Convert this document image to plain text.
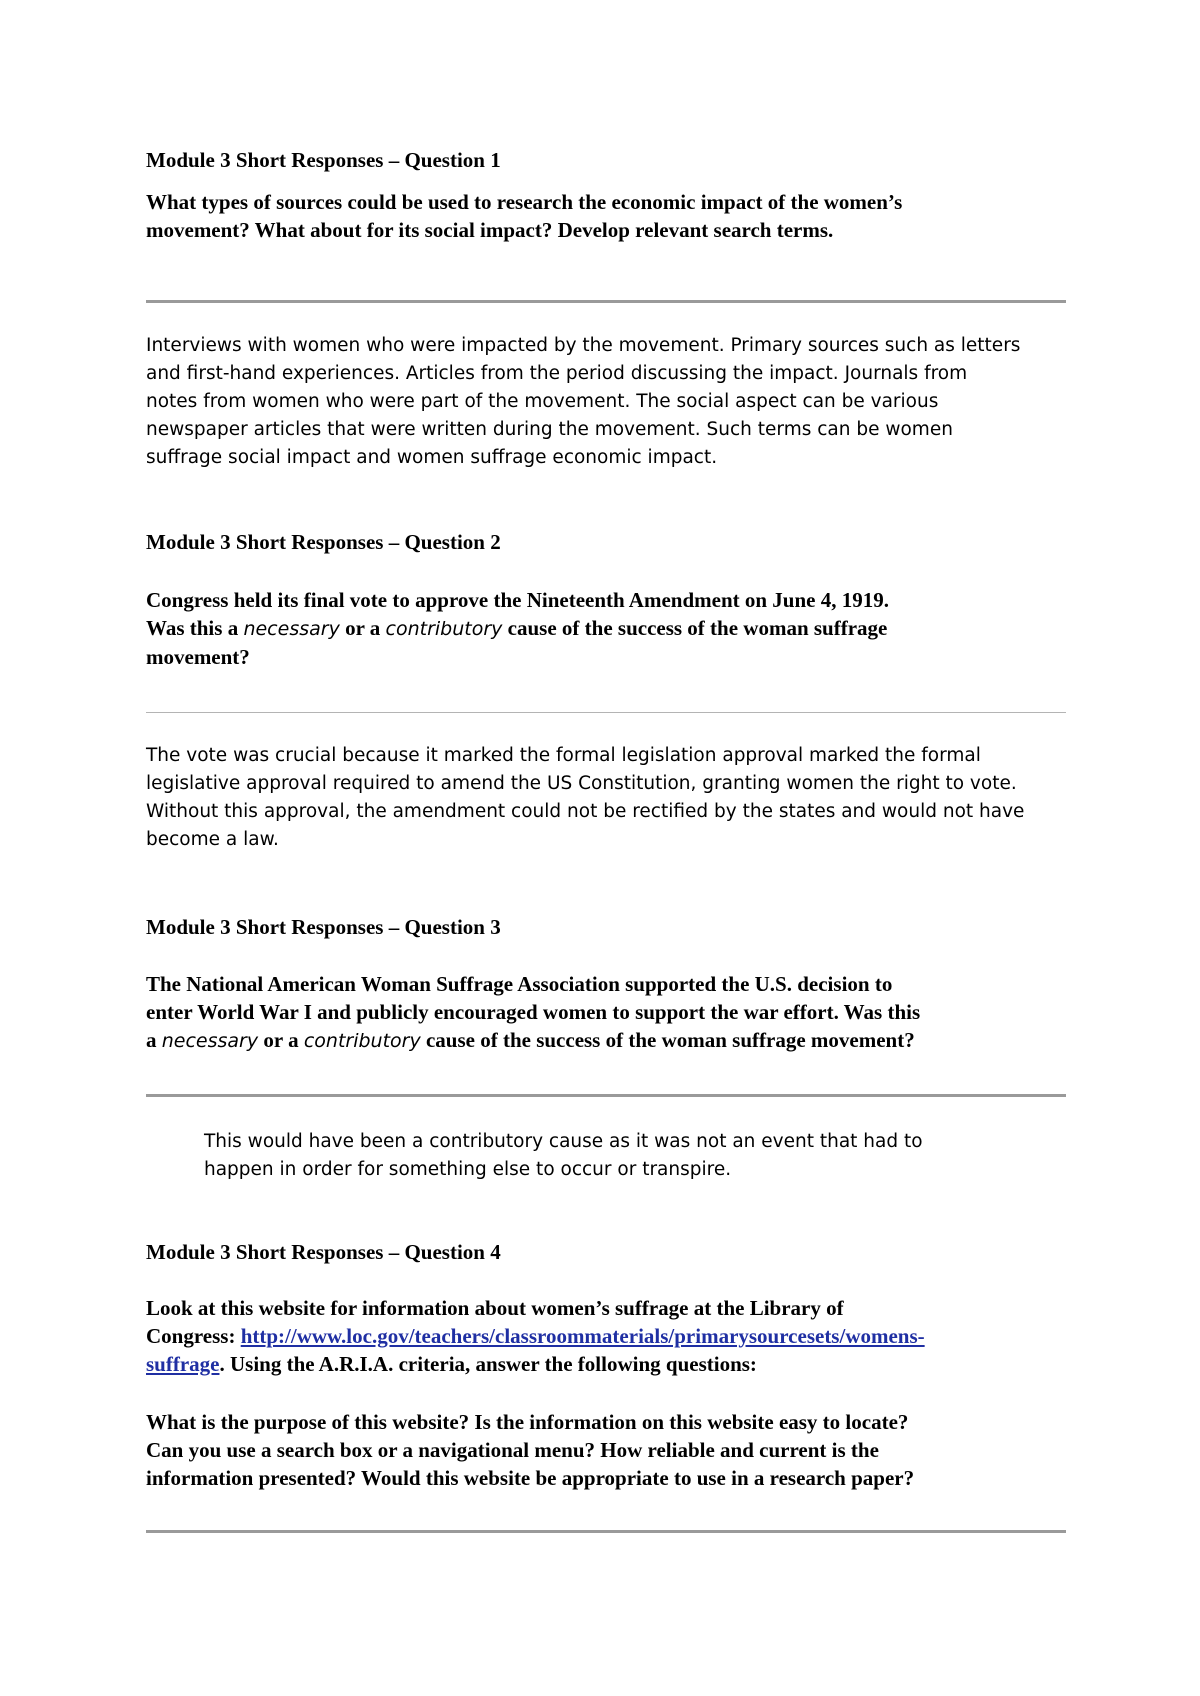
Module 3 Short Responses – Question 1
What types of sources could be used to research the economic impact of the women’s
movement? What about for its social impact? Develop relevant search terms.
Interviews with women who were impacted by the movement. Primary sources such as letters
and first-hand experiences. Articles from the period discussing the impact. Journals from
notes from women who were part of the movement. The social aspect can be various
newspaper articles that were written during the movement. Such terms can be women
suffrage social impact and women suffrage economic impact.
Module 3 Short Responses – Question 2
Congress held its final vote to approve the Nineteenth Amendment on June 4, 1919.
Was this a necessary or a contributory cause of the success of the woman suffrage
movement?
The vote was crucial because it marked the formal legislation approval marked the formal
legislative approval required to amend the US Constitution, granting women the right to vote.
Without this approval, the amendment could not be rectified by the states and would not have
become a law.
Module 3 Short Responses – Question 3
The National American Woman Suffrage Association supported the U.S. decision to
enter World War I and publicly encouraged women to support the war effort. Was this
a necessary or a contributory cause of the success of the woman suffrage movement?
This would have been a contributory cause as it was not an event that had to
happen in order for something else to occur or transpire.
Module 3 Short Responses – Question 4
Look at this website for information about women’s suffrage at the Library of
Congress: http://www.loc.gov/teachers/classroommaterials/primarysourcesets/womens-
suffrage. Using the A.R.I.A. criteria, answer the following questions:
What is the purpose of this website? Is the information on this website easy to locate?
Can you use a search box or a navigational menu? How reliable and current is the
information presented? Would this website be appropriate to use in a research paper?
